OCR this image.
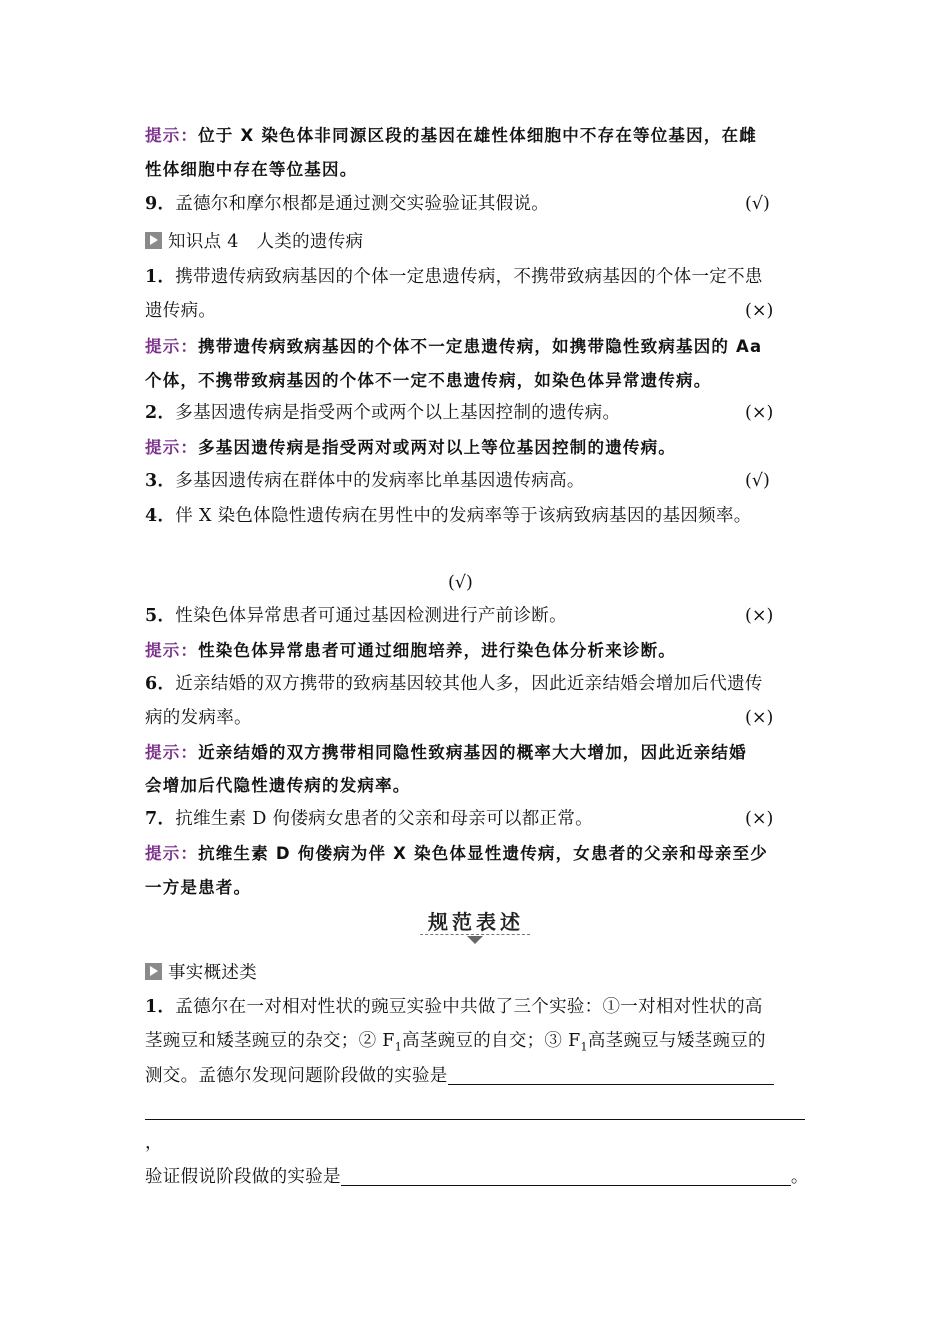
提示：位于 X 染色体非同源区段的基因在雄性体细胞中不存在等位基因，在雌
性体细胞中存在等位基因。
9．孟德尔和摩尔根都是通过测交实验验证其假说。	(√)
知识点 4　人类的遗传病
1．携带遗传病致病基因的个体一定患遗传病，不携带致病基因的个体一定不患
遗传病。	(×)
提示：携带遗传病致病基因的个体不一定患遗传病，如携带隐性致病基因的 Aa
个体，不携带致病基因的个体不一定不患遗传病，如染色体异常遗传病。
2．多基因遗传病是指受两个或两个以上基因控制的遗传病。	(×)
提示：多基因遗传病是指受两对或两对以上等位基因控制的遗传病。
3．多基因遗传病在群体中的发病率比单基因遗传病高。	(√)
4．伴 X 染色体隐性遗传病在男性中的发病率等于该病致病基因的基因频率。
(√)
5．性染色体异常患者可通过基因检测进行产前诊断。	(×)
提示：性染色体异常患者可通过细胞培养，进行染色体分析来诊断。
6．近亲结婚的双方携带的致病基因较其他人多，因此近亲结婚会增加后代遗传
病的发病率。	(×)
提示：近亲结婚的双方携带相同隐性致病基因的概率大大增加，因此近亲结婚
会增加后代隐性遗传病的发病率。
7．抗维生素 D 佝偻病女患者的父亲和母亲可以都正常。	(×)
提示：抗维生素 D 佝偻病为伴 X 染色体显性遗传病，女患者的父亲和母亲至少
一方是患者。
规范表述
事实概述类
1．孟德尔在一对相对性状的豌豆实验中共做了三个实验：①一对相对性状的高
茎豌豆和矮茎豌豆的杂交；② $F_1$高茎豌豆的自交；③ $F_1$高茎豌豆与矮茎豌豆的
测交。孟德尔发现问题阶段做的实验是
，
验证假说阶段做的实验是	。
